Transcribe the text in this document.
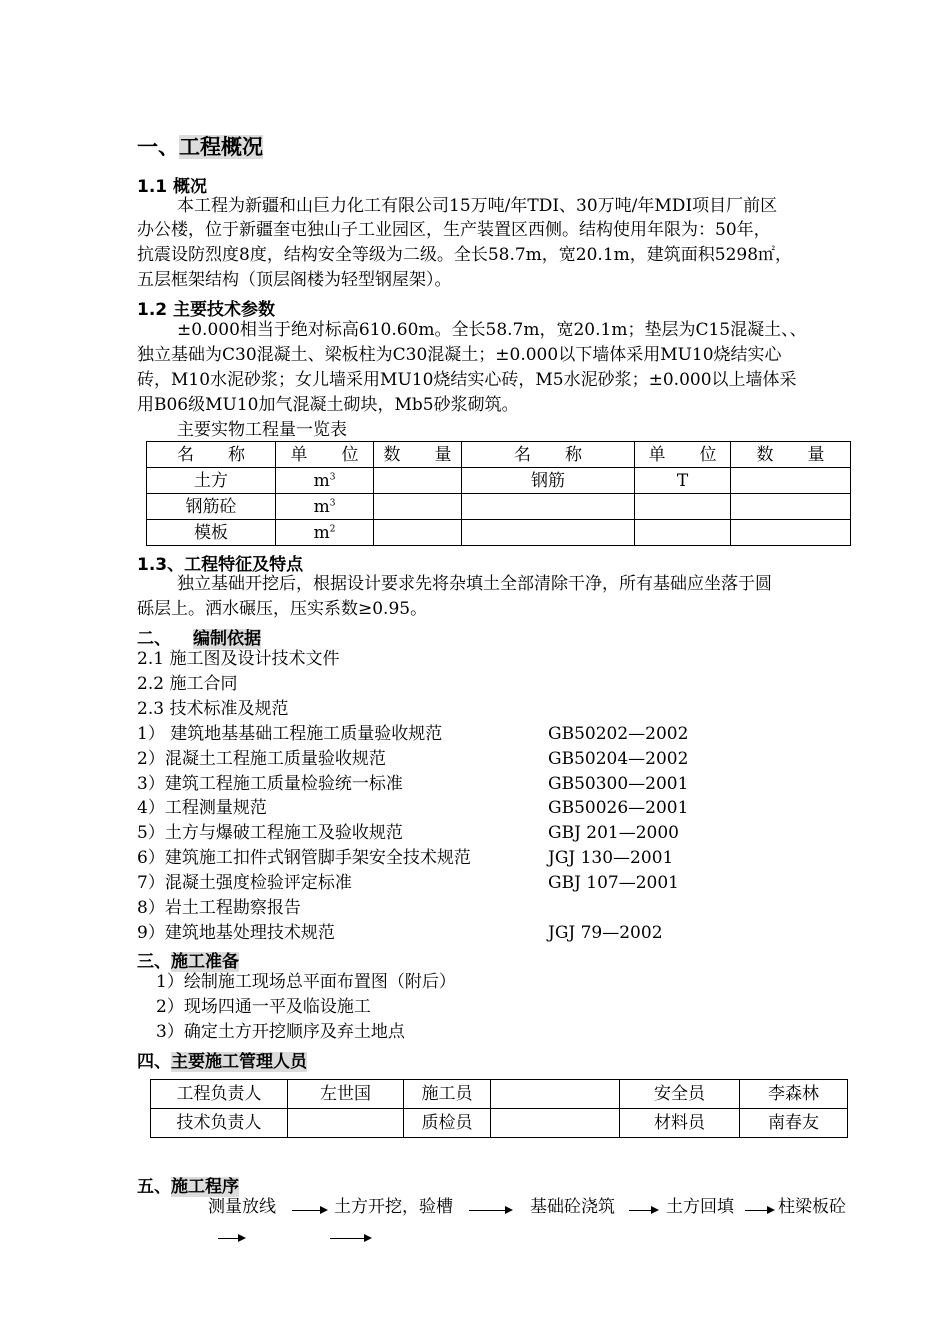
一、工程概况
1.1 概况
本工程为新疆和山巨力化工有限公司15万吨/年TDI、30万吨/年MDI项目厂前区
办公楼，位于新疆奎屯独山子工业园区，生产装置区西侧。结构使用年限为：50年，
抗震设防烈度8度，结构安全等级为二级。全长58.7m，宽20.1m，建筑面积5298㎡，
五层框架结构（顶层阁楼为轻型钢屋架）。
1.2 主要技术参数
±0.000相当于绝对标高610.60m。全长58.7m，宽20.1m；垫层为C15混凝土、、
独立基础为C30混凝土、梁板柱为C30混凝土；±0.000以下墙体采用MU10烧结实心
砖，M10水泥砂浆；女儿墙采用MU10烧结实心砖，M5水泥砂浆；±0.000以上墙体采
用B06级MU10加气混凝土砌块，Mb5砂浆砌筑。
主要实物工程量一览表
名　　称	单　　位	数　　量	名　　称	单　　位	数　　量
土方	$m^3$		钢筋	T	
钢筋砼	$m^3$				
模板	$m^2$				
1.3、工程特征及特点
独立基础开挖后，根据设计要求先将杂填土全部清除干净，所有基础应坐落于圆
砾层上。洒水碾压，压实系数≥0.95。
二、 编制依据
2.1 施工图及设计技术文件
2.2 施工合同
2.3 技术标准及规范
1） 建筑地基基础工程施工质量验收规范	GB50202—2002
2）混凝土工程施工质量验收规范	GB50204—2002
3）建筑工程施工质量检验统一标准	GB50300—2001
4）工程测量规范	GB50026—2001
5）土方与爆破工程施工及验收规范	GBJ 201—2000
6）建筑施工扣件式钢管脚手架安全技术规范	JGJ 130—2001
7）混凝土强度检验评定标准	GBJ 107—2001
8）岩土工程勘察报告
9）建筑地基处理技术规范	JGJ 79—2002
三、施工准备
1）绘制施工现场总平面布置图（附后）
2）现场四通一平及临设施工
3）确定土方开挖顺序及弃土地点
四、主要施工管理人员
工程负责人	左世国	施工员		安全员	李森林
技术负责人		质检员		材料员	南春友
五、施工程序
测量放线	土方开挖，验槽	基础砼浇筑	土方回填	柱梁板砼
